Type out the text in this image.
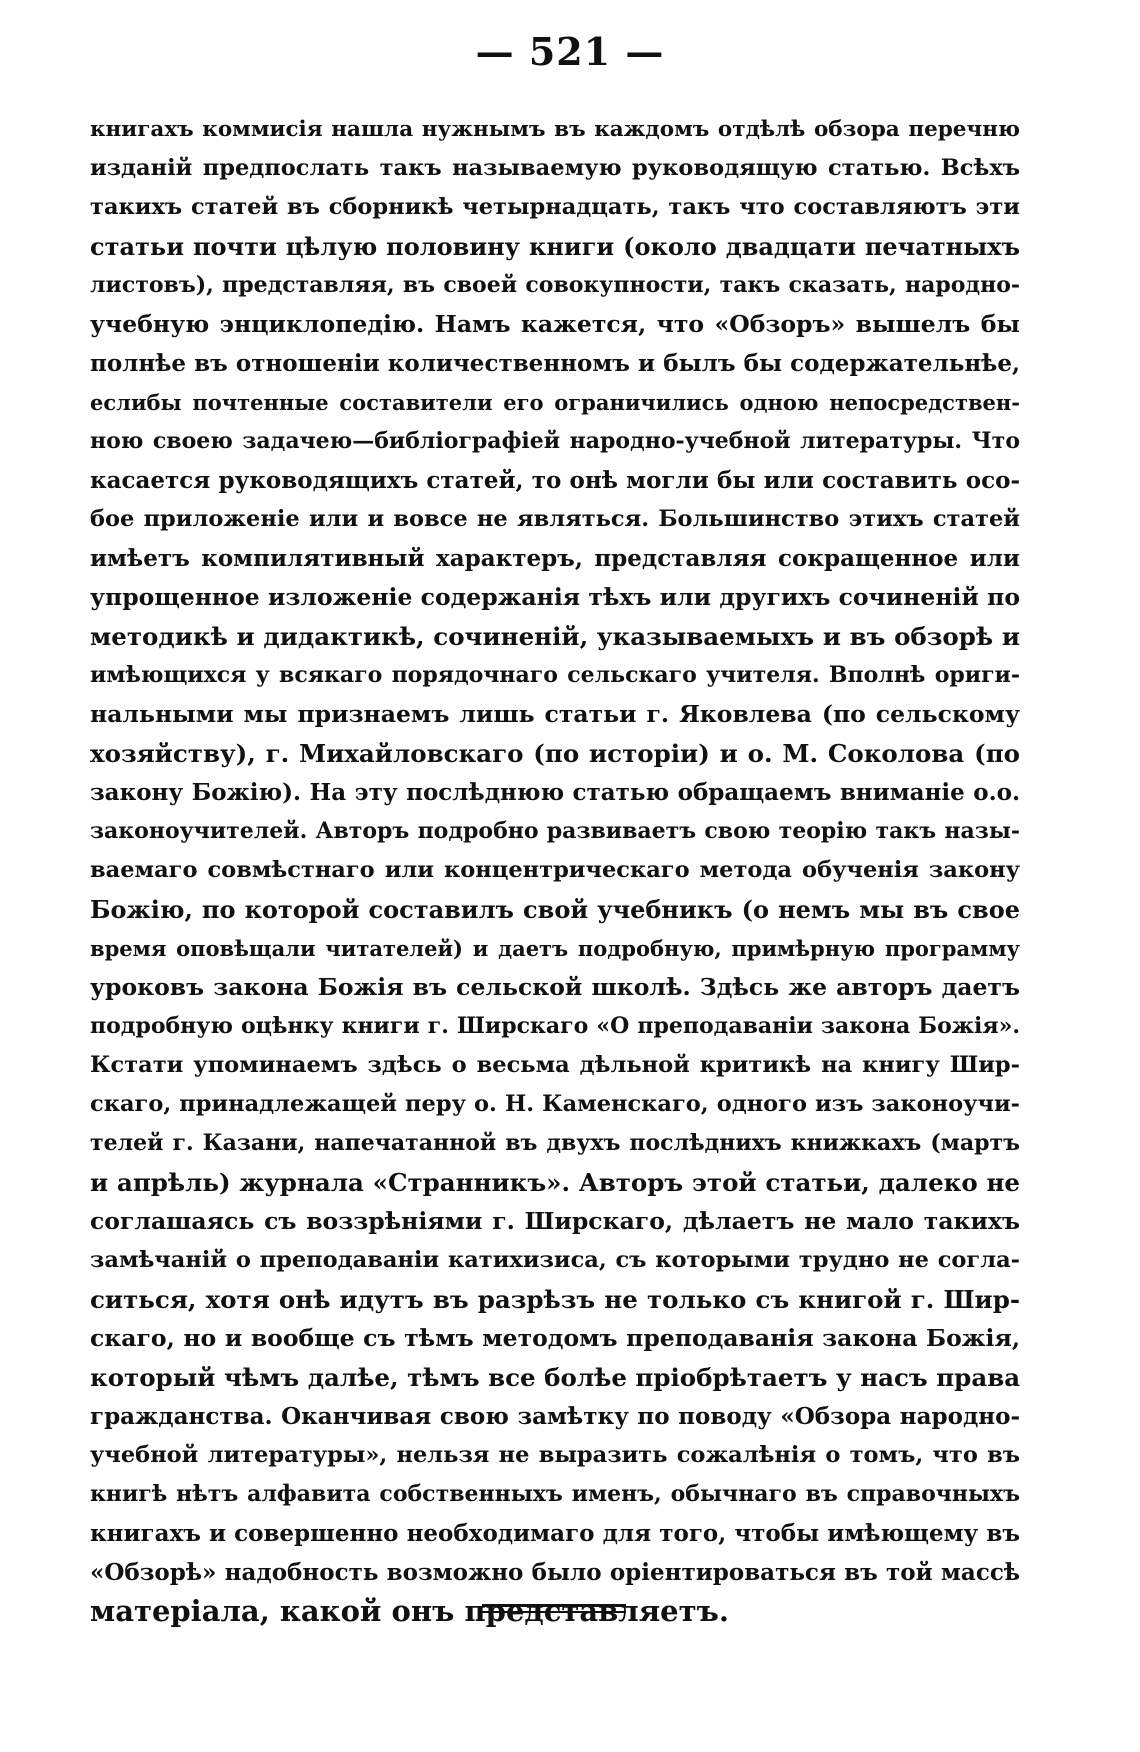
— 521 —
книгахъ коммисія нашла нужнымъ въ каждомъ отдѣлѣ обзора перечню
изданій предпослать такъ называемую руководящую статью. Всѣхъ
такихъ статей въ сборникѣ четырнадцать, такъ что составляютъ эти
статьи почти цѣлую половину книги (около двадцати печатныхъ
листовъ), представляя, въ своей совокупности, такъ сказать, народно-
учебную энциклопедію. Намъ кажется, что «Обзоръ» вышелъ бы
полнѣе въ отношеніи количественномъ и былъ бы содержательнѣе,
еслибы почтенные составители его ограничились одною непосредствен-
ною своею задачею—библіографіей народно-учебной литературы. Что
касается руководящихъ статей, то онѣ могли бы или составить осо-
бое приложеніе или и вовсе не являться. Большинство этихъ статей
имѣетъ компилятивный характеръ, представляя сокращенное или
упрощенное изложеніе содержанія тѣхъ или другихъ сочиненій по
методикѣ и дидактикѣ, сочиненій, указываемыхъ и въ обзорѣ и
имѣющихся у всякаго порядочнаго сельскаго учителя. Вполнѣ ориги-
нальными мы признаемъ лишь статьи г. Яковлева (по сельскому
хозяйству), г. Михайловскаго (по исторіи) и о. М. Соколова (по
закону Божію). На эту послѣднюю статью обращаемъ вниманіе о.о.
законоучителей. Авторъ подробно развиваетъ свою теорію такъ назы-
ваемаго совмѣстнаго или концентрическаго метода обученія закону
Божію, по которой составилъ свой учебникъ (о немъ мы въ свое
время оповѣщали читателей) и даетъ подробную, примѣрную программу
уроковъ закона Божія въ сельской школѣ. Здѣсь же авторъ даетъ
подробную оцѣнку книги г. Ширскаго «О преподаваніи закона Божія».
Кстати упоминаемъ здѣсь о весьма дѣльной критикѣ на книгу Шир-
скаго, принадлежащей перу о. Н. Каменскаго, одного изъ законоучи-
телей г. Казани, напечатанной въ двухъ послѣднихъ книжкахъ (мартъ
и апрѣль) журнала «Странникъ». Авторъ этой статьи, далеко не
соглашаясь съ воззрѣніями г. Ширскаго, дѣлаетъ не мало такихъ
замѣчаній о преподаваніи катихизиса, съ которыми трудно не согла-
ситься, хотя онѣ идутъ въ разрѣзъ не только съ книгой г. Шир-
скаго, но и вообще съ тѣмъ методомъ преподаванія закона Божія,
который чѣмъ далѣе, тѣмъ все болѣе пріобрѣтаетъ у насъ права
гражданства. Оканчивая свою замѣтку по поводу «Обзора народно-
учебной литературы», нельзя не выразить сожалѣнія о томъ, что въ
книгѣ нѣтъ алфавита собственныхъ именъ, обычнаго въ справочныхъ
книгахъ и совершенно необходимаго для того, чтобы имѣющему въ
«Обзорѣ» надобность возможно было оріентироваться въ той массѣ
матеріала, какой онъ представляетъ.
